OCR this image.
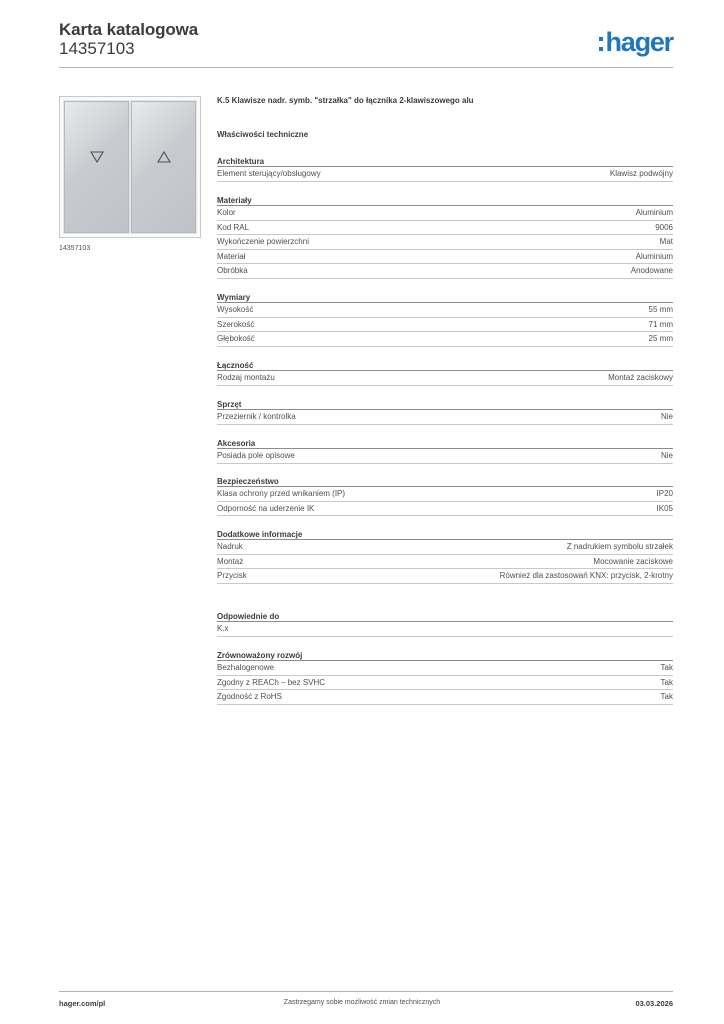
Karta katalogowa
14357103	hager
14357103
K.5 Klawisze nadr. symb. "strzałka" do łącznika 2-klawiszowego alu
Właściwości techniczne
Architektura
Element sterujący/obsługowy	Klawisz podwójny
Materiały
Kolor	Aluminium
Kod RAL	9006
Wykończenie powierzchni	Mat
Materiał	Aluminium
Obróbka	Anodowane
Wymiary
Wysokość	55 mm
Szerokość	71 mm
Głębokość	25 mm
Łączność
Rodzaj montażu	Montaż zaciskowy
Sprzęt
Przeziernik / kontrolka	Nie
Akcesoria
Posiada pole opisowe	Nie
Bezpieczeństwo
Klasa ochrony przed wnikaniem (IP)	IP20
Odporność na uderzenie IK	IK05
Dodatkowe informacje
Nadruk	Z nadrukiem symbolu strzałek
Montaż	Mocowanie zaciskowe
Przycisk	Również dla zastosowań KNX: przycisk, 2-krotny
Odpowiednie do
K.x
Zrównoważony rozwój
Bezhalogenowe	Tak
Zgodny z REACh – bez SVHC	Tak
Zgodność z RoHS	Tak
hager.com/pl	Zastrzegamy sobie możliwość zmian technicznych	03.03.2026
